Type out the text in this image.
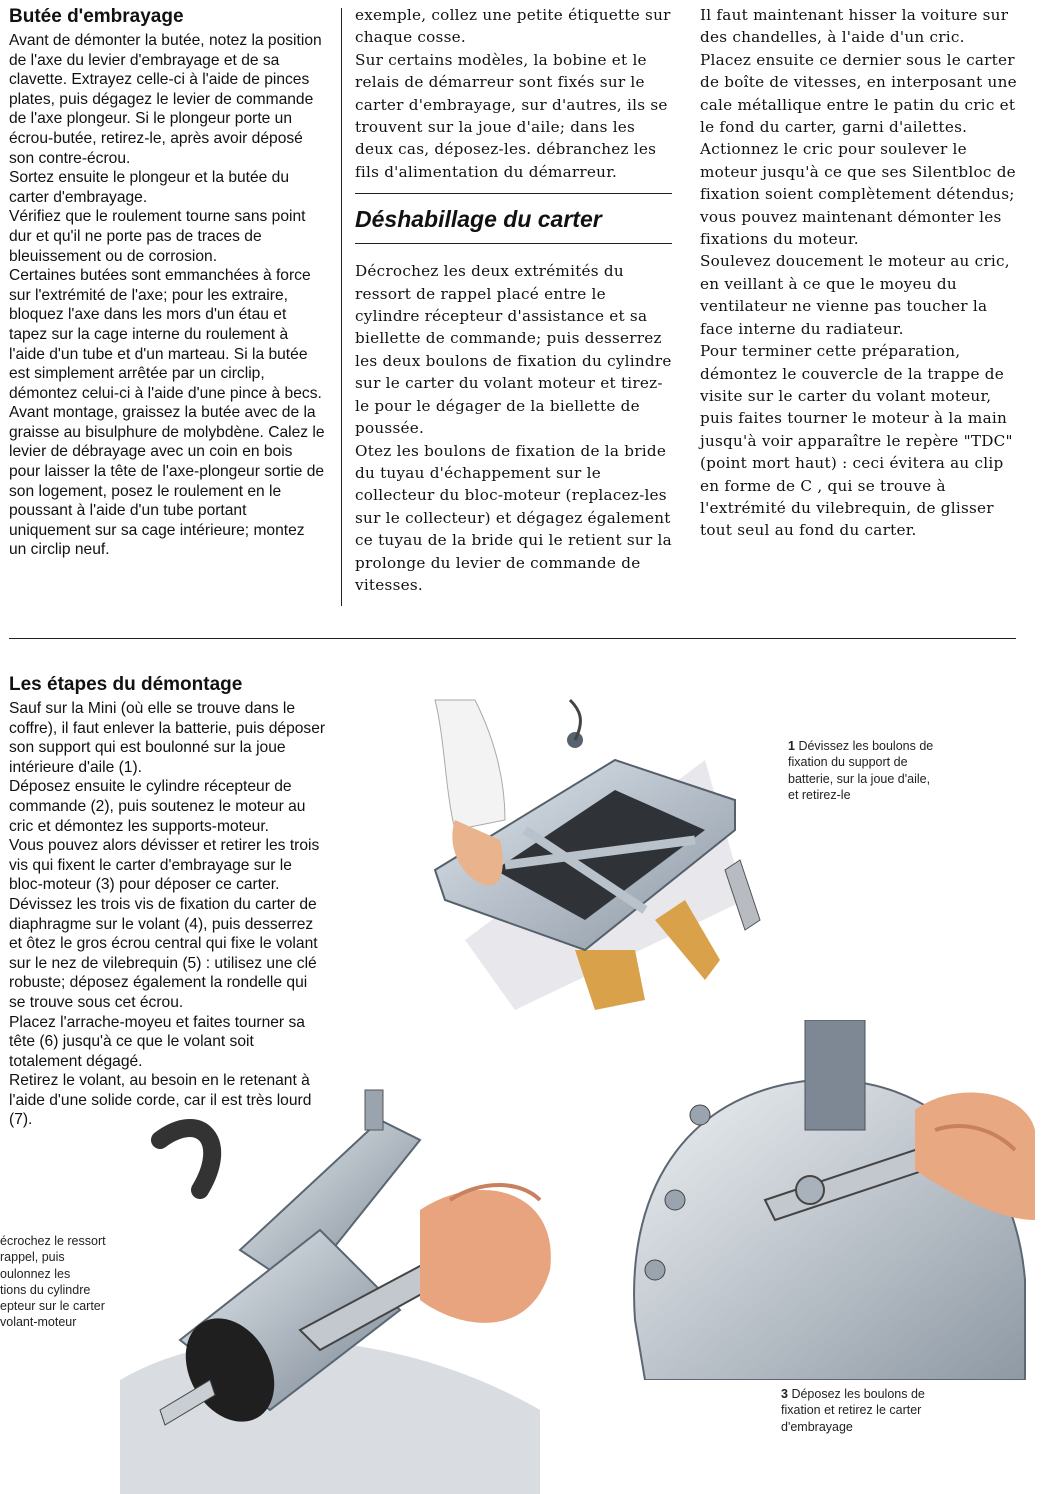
Butée d'embrayage

Avant de démonter la butée, notez la position de l'axe du levier d'embrayage et de sa clavette. Extrayez celle-ci à l'aide de pinces plates, puis dégagez le levier de commande de l'axe plongeur. Si le plongeur porte un écrou-butée, retirez-le, après avoir déposé son contre-écrou.

Sortez ensuite le plongeur et la butée du carter d'embrayage.

Vérifiez que le roulement tourne sans point dur et qu'il ne porte pas de traces de bleuissement ou de corrosion.

Certaines butées sont emmanchées à force sur l'extrémité de l'axe; pour les extraire, bloquez l'axe dans les mors d'un étau et tapez sur la cage interne du roulement à l'aide d'un tube et d'un marteau. Si la butée est simplement arrêtée par un circlip, démontez celui-ci à l'aide d'une pince à becs.

Avant montage, graissez la butée avec de la graisse au bisulphure de molybdène. Calez le levier de débrayage avec un coin en bois pour laisser la tête de l'axe-plongeur sortie de son logement, posez le roulement en le poussant à l'aide d'un tube portant uniquement sur sa cage intérieure; montez un circlip neuf.

exemple, collez une petite étiquette sur chaque cosse.

Sur certains modèles, la bobine et le relais de démarreur sont fixés sur le carter d'embrayage, sur d'autres, ils se trouvent sur la joue d'aile; dans les deux cas, déposez-les. débranchez les fils d'alimentation du démarreur.

Déshabillage du carter

Décrochez les deux extrémités du ressort de rappel placé entre le cylindre récepteur d'assistance et sa biellette de commande; puis desserrez les deux boulons de fixation du cylindre sur le carter du volant moteur et tirez-le pour le dégager de la biellette de poussée.

Otez les boulons de fixation de la bride du tuyau d'échappement sur le collecteur du bloc-moteur (replacez-les sur le collecteur) et dégagez également ce tuyau de la bride qui le retient sur la prolonge du levier de commande de vitesses.

Il faut maintenant hisser la voiture sur des chandelles, à l'aide d'un cric. Placez ensuite ce dernier sous le carter de boîte de vitesses, en interposant une cale métallique entre le patin du cric et le fond du carter, garni d'ailettes.

Actionnez le cric pour soulever le moteur jusqu'à ce que ses Silentbloc de fixation soient complètement détendus; vous pouvez maintenant démonter les fixations du moteur.

Soulevez doucement le moteur au cric, en veillant à ce que le moyeu du ventilateur ne vienne pas toucher la face interne du radiateur.

Pour terminer cette préparation, démontez le couvercle de la trappe de visite sur le carter du volant moteur, puis faites tourner le moteur à la main jusqu'à voir apparaître le repère "TDC" (point mort haut) : ceci évitera au clip en forme de C , qui se trouve à l'extrémité du vilebrequin, de glisser tout seul au fond du carter.

Les étapes du démontage

Sauf sur la Mini (où elle se trouve dans le coffre), il faut enlever la batterie, puis déposer son support qui est boulonné sur la joue intérieure d'aile (1).

Déposez ensuite le cylindre récepteur de commande (2), puis soutenez le moteur au cric et démontez les supports-moteur.

Vous pouvez alors dévisser et retirer les trois vis qui fixent le carter d'embrayage sur le bloc-moteur (3) pour déposer ce carter.

Dévissez les trois vis de fixation du carter de diaphragme sur le volant (4), puis desserrez et ôtez le gros écrou central qui fixe le volant sur le nez de vilebrequin (5) : utilisez une clé robuste; déposez également la rondelle qui se trouve sous cet écrou.

Placez l'arrache-moyeu et faites tourner sa tête (6) jusqu'à ce que le volant soit totalement dégagé.

Retirez le volant, au besoin en le retenant à l'aide d'une solide corde, car il est très lourd (7).

1 Dévissez les boulons de fixation du support de batterie, sur la joue d'aile, et retirez-le
écrochez le ressort
rappel, puis
oulonnez les
tions du cylindre
epteur sur le carter
volant-moteur
3 Déposez les boulons de fixation et retirez le carter d'embrayage
